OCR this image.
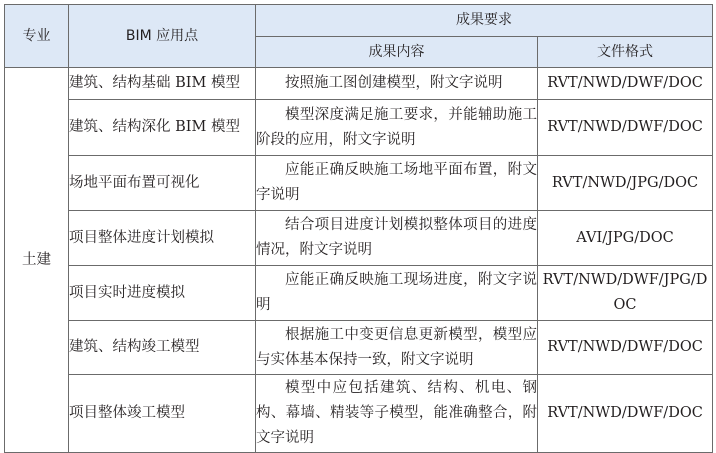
专业	BIM 应用点	成果要求	
		成果内容	文件格式
土建	建筑、结构基础 BIM 模型	按照施工图创建模型，附文字说明	RVT/NWD/DWF/DOC
	建筑、结构深化 BIM 模型	模型深度满足施工要求，并能辅助施工阶段的应用，附文字说明	RVT/NWD/DWF/DOC
	场地平面布置可视化	应能正确反映施工场地平面布置，附文字说明	RVT/NWD/JPG/DOC
	项目整体进度计划模拟	结合项目进度计划模拟整体项目的进度情况，附文字说明	AVI/JPG/DOC
	项目实时进度模拟	应能正确反映施工现场进度，附文字说明	RVT/NWD/DWF/JPG/DOC
	建筑、结构竣工模型	根据施工中变更信息更新模型，模型应与实体基本保持一致，附文字说明	RVT/NWD/DWF/DOC
	项目整体竣工模型	模型中应包括建筑、结构、机电、钢构、幕墙、精装等子模型，能准确整合，附文字说明	RVT/NWD/DWF/DOC
